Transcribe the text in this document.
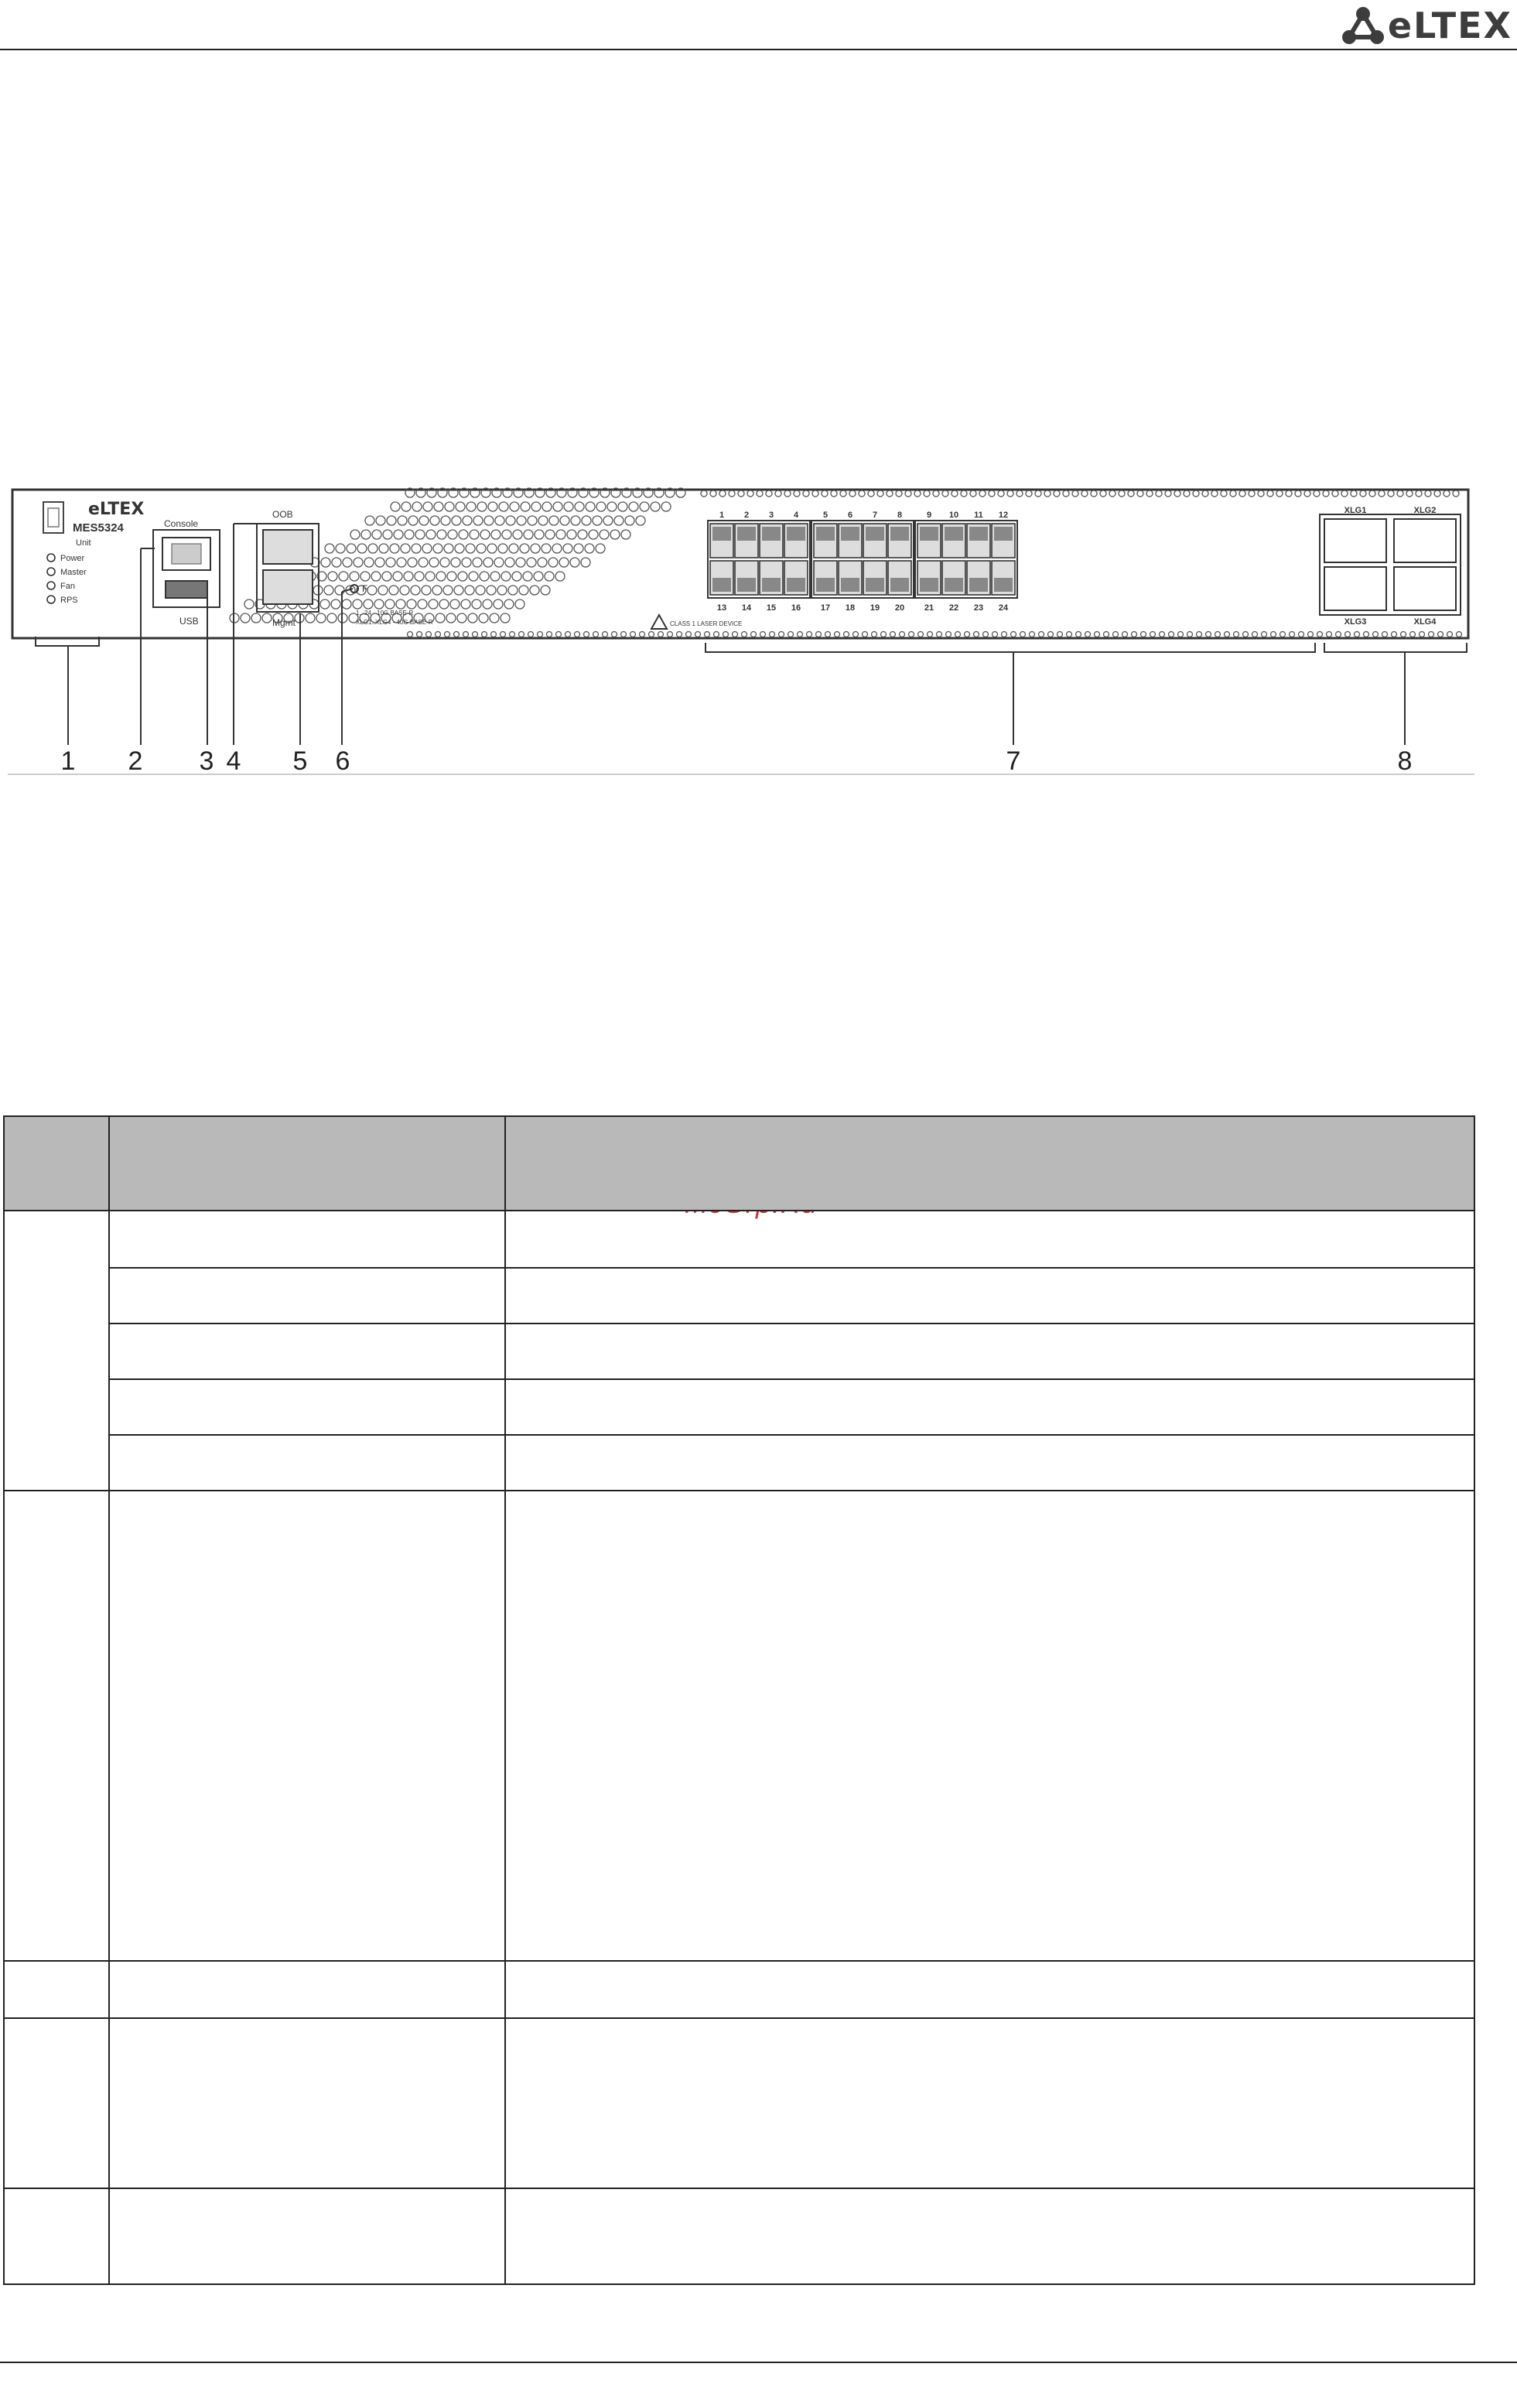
eLTEX
eLTEX
MES5324
Unit
Power
Master
Fan
RPS
Console
USB
OOB
Mgmt
F
1...24 - 10G BASE-R
XLG1..XLG4 - 40G BASE-R	CLASS 1 LASER DEVICE
1 2 3 4	5 6 7 8	9 10 11 12
13 14 15 16 17 18 19 20 21 22 23 24
XLG1	XLG2
XLG3	XLG4
1 2 3 4 5 6	7	8
